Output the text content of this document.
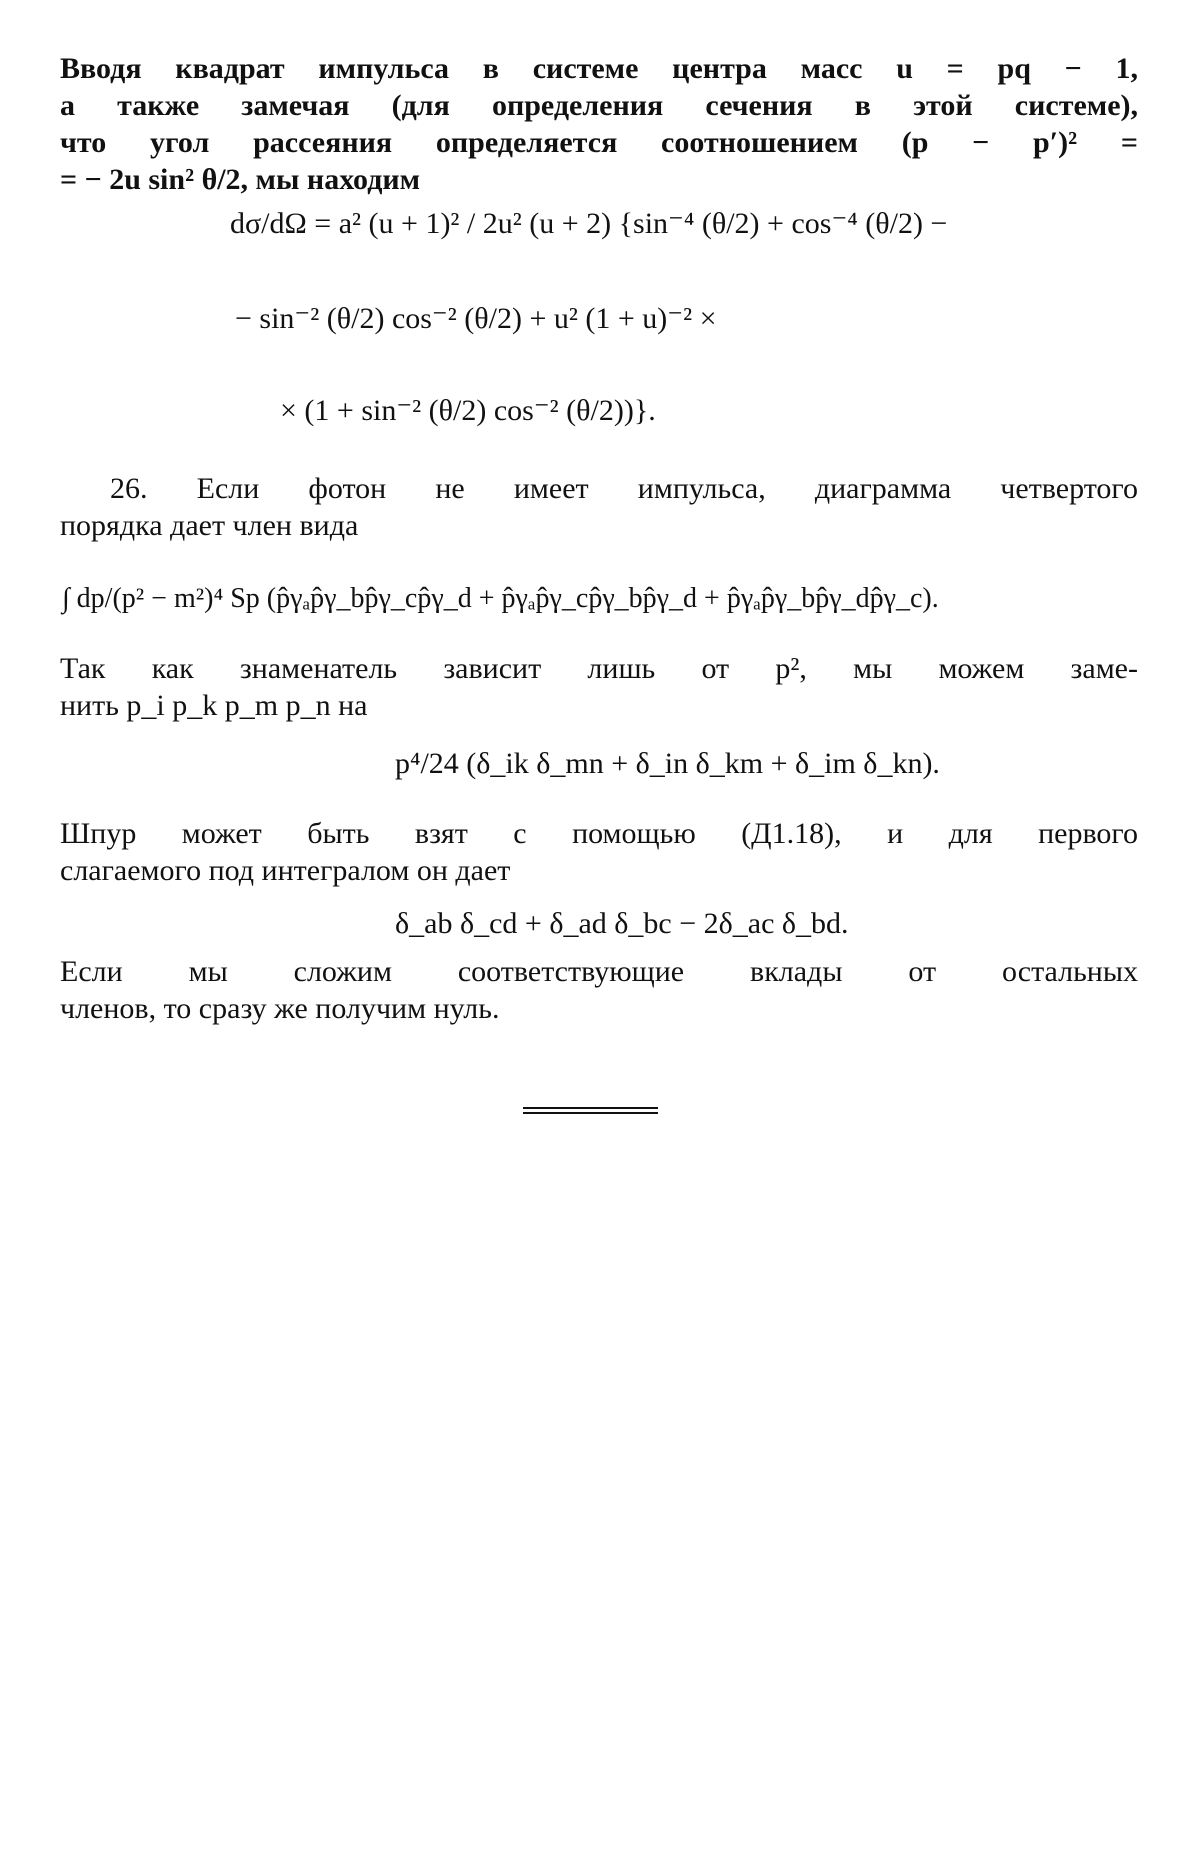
Вводя квадрат импульса в системе центра масс u = pq − 1,
а также замечая (для определения сечения в этой системе),
что угол рассеяния определяется соотношением (p − p′)² =
= − 2u sin² θ/2, мы находим
dσ/dΩ = a² (u + 1)² / 2u² (u + 2) {sin⁻⁴ (θ/2) + cos⁻⁴ (θ/2) −
− sin⁻² (θ/2) cos⁻² (θ/2) + u² (1 + u)⁻² ×
× (1 + sin⁻² (θ/2) cos⁻² (θ/2))}.
26. Если фотон не имеет импульса, диаграмма четвертого
порядка дает член вида
∫ dp/(p² − m²)⁴ Sp (p̂γₐp̂γ_bp̂γ_cp̂γ_d + p̂γₐp̂γ_cp̂γ_bp̂γ_d + p̂γₐp̂γ_bp̂γ_dp̂γ_c).
Так как знаменатель зависит лишь от p², мы можем заме-
нить p_i p_k p_m p_n на
p⁴/24 (δ_ik δ_mn + δ_in δ_km + δ_im δ_kn).
Шпур может быть взят с помощью (Д1.18), и для первого
слагаемого под интегралом он дает
δ_ab δ_cd + δ_ad δ_bc − 2δ_ac δ_bd.
Если мы сложим соответствующие вклады от остальных
членов, то сразу же получим нуль.
